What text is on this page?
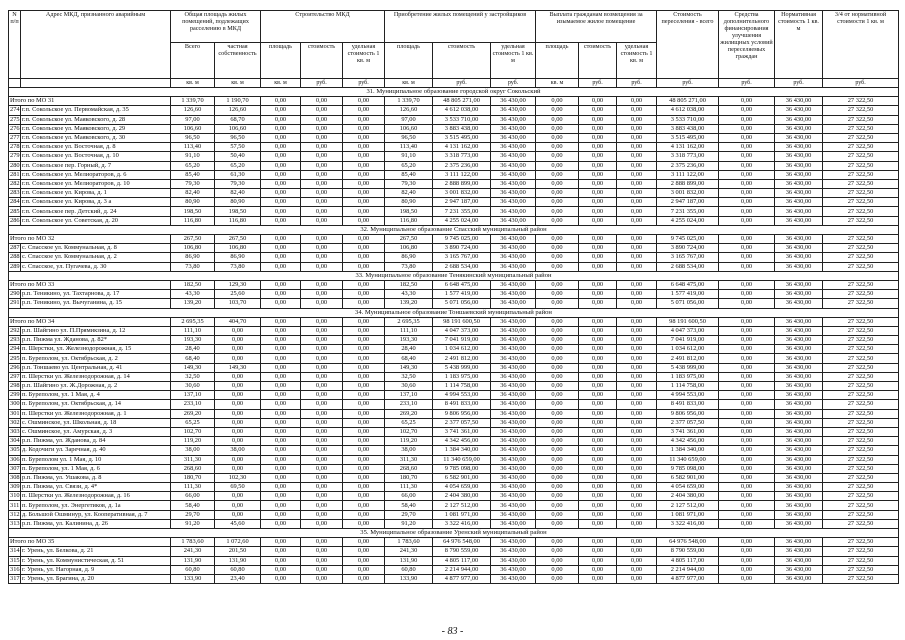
N п/п	Адрес МКД, признанного аварийным	Общая площадь жилых помещений, подлежащих расселению в МКД		Строительство МКД			Приобретение жилых помещений у застройщиков			Выплата гражданам возмещения за изымаемое жилое помещение			Стоимость переселения - всего	Средства дополнительного финансирования улучшения жилищных условий переселяемых граждан	Нормативная стоимость 1 кв. м	3/4 от нормативной стоимости 1 кв. м
		Всего	частная собственность	площадь	стоимость	удельная стоимость 1 кв. м	площадь	стоимость	удельная стоимость 1 кв. м	площадь	стоимость	удельная стоимость 1 кв. м				
		кв. м	кв. м	кв. м	руб.	руб.	кв. м	руб.	руб.	кв. м	руб.	руб.	руб.	руб.	руб.	руб.
31. Муниципальное образование городской округ Сокольский																
Итого по МО 31		1 339,70	1 190,70	0,00	0,00	0,00	1 339,70	48 805 271,00	36 430,00	0,00	0,00	0,00	48 805 271,00	0,00	36 430,00	27 322,50
274	г.п. Сокольское ул. Первомайская, д. 35	126,60	126,60	0,00	0,00	0,00	126,60	4 612 038,00	36 430,00	0,00	0,00	0,00	4 612 038,00	0,00	36 430,00	27 322,50
275	г.п. Сокольское ул. Маяковского, д. 28	97,00	68,70	0,00	0,00	0,00	97,00	3 533 710,00	36 430,00	0,00	0,00	0,00	3 533 710,00	0,00	36 430,00	27 322,50
276	г.п. Сокольское ул. Маяковского, д. 29	106,60	106,60	0,00	0,00	0,00	106,60	3 883 438,00	36 430,00	0,00	0,00	0,00	3 883 438,00	0,00	36 430,00	27 322,50
277	г.п. Сокольское ул. Маяковского, д. 30	96,50	96,50	0,00	0,00	0,00	96,50	3 515 495,00	36 430,00	0,00	0,00	0,00	3 515 495,00	0,00	36 430,00	27 322,50
278	г.п. Сокольское ул. Восточная, д. 8	113,40	57,50	0,00	0,00	0,00	113,40	4 131 162,00	36 430,00	0,00	0,00	0,00	4 131 162,00	0,00	36 430,00	27 322,50
279	г.п. Сокольское ул. Восточная, д. 10	91,10	50,40	0,00	0,00	0,00	91,10	3 318 773,00	36 430,00	0,00	0,00	0,00	3 318 773,00	0,00	36 430,00	27 322,50
280	г.п. Сокольское пер. Горный, д. 7	65,20	65,20	0,00	0,00	0,00	65,20	2 375 236,00	36 430,00	0,00	0,00	0,00	2 375 236,00	0,00	36 430,00	27 322,50
281	г.п. Сокольское ул. Мелиораторов, д. 6	85,40	61,30	0,00	0,00	0,00	85,40	3 111 122,00	36 430,00	0,00	0,00	0,00	3 111 122,00	0,00	36 430,00	27 322,50
282	г.п. Сокольское ул. Мелиораторов, д. 10	79,30	79,30	0,00	0,00	0,00	79,30	2 888 899,00	36 430,00	0,00	0,00	0,00	2 888 899,00	0,00	36 430,00	27 322,50
283	г.п. Сокольское ул. Кирова, д. 1	82,40	82,40	0,00	0,00	0,00	82,40	3 001 832,00	36 430,00	0,00	0,00	0,00	3 001 832,00	0,00	36 430,00	27 322,50
284	г.п. Сокольское ул. Кирова, д. 3 а	80,90	80,90	0,00	0,00	0,00	80,90	2 947 187,00	36 430,00	0,00	0,00	0,00	2 947 187,00	0,00	36 430,00	27 322,50
285	г.п. Сокольское пер. Детский, д. 24	198,50	198,50	0,00	0,00	0,00	198,50	7 231 355,00	36 430,00	0,00	0,00	0,00	7 231 355,00	0,00	36 430,00	27 322,50
286	г.п. Сокольское ул. Советская, д. 20	116,80	116,80	0,00	0,00	0,00	116,80	4 255 024,00	36 430,00	0,00	0,00	0,00	4 255 024,00	0,00	36 430,00	27 322,50
32. Муниципальное образование Спасский муниципальный район																
Итого по МО 32		267,50	267,50	0,00	0,00	0,00	267,50	9 745 025,00	36 430,00	0,00	0,00	0,00	9 745 025,00	0,00	36 430,00	27 322,50
287	с. Спасское ул. Коммунальная, д. 8	106,80	106,80	0,00	0,00	0,00	106,80	3 890 724,00	36 430,00	0,00	0,00	0,00	3 890 724,00	0,00	36 430,00	27 322,50
288	с. Спасское ул. Коммунальная, д. 2	86,90	86,90	0,00	0,00	0,00	86,90	3 165 767,00	36 430,00	0,00	0,00	0,00	3 165 767,00	0,00	36 430,00	27 322,50
289	с. Спасское, ул. Пугачева, д. 30	73,80	73,80	0,00	0,00	0,00	73,80	2 688 534,00	36 430,00	0,00	0,00	0,00	2 688 534,00	0,00	36 430,00	27 322,50
33. Муниципальное образование Тенякинский муниципальный район																
Итого по МО 33		182,50	129,30	0,00	0,00	0,00	182,50	6 648 475,00	36 430,00	0,00	0,00	0,00	6 648 475,00	0,00	36 430,00	27 322,50
290	р.п. Теникино, ул. Тахтарнова, д. 17	43,30	25,60	0,00	0,00	0,00	43,30	1 577 419,00	36 430,00	0,00	0,00	0,00	1 577 419,00	0,00	36 430,00	27 322,50
291	р.п. Теникино, ул. Вычуганина, д. 15	139,20	103,70	0,00	0,00	0,00	139,20	5 071 056,00	36 430,00	0,00	0,00	0,00	5 071 056,00	0,00	36 430,00	27 322,50
34. Муниципальное образование Тоншаевский муниципальный район																
Итого по МО 34		2 695,35	404,70	0,00	0,00	0,00	2 695,35	98 191 600,50	36 430,00	0,00	0,00	0,00	98 191 600,50	0,00	36 430,00	27 322,50
292	р.п. Шайгино ул. П.Прямикзина, д. 12	111,10	0,00	0,00	0,00	0,00	111,10	4 047 373,00	36 430,00	0,00	0,00	0,00	4 047 373,00	0,00	36 430,00	27 322,50
293	р.п. Пижма ул. Жданова, д. 82*	193,30	0,00	0,00	0,00	0,00	193,30	7 041 919,00	36 430,00	0,00	0,00	0,00	7 041 919,00	0,00	36 430,00	27 322,50
294	п. Шерстки, ул. Железнодорожная, д. 15	28,40	0,00	0,00	0,00	0,00	28,40	1 034 612,00	36 430,00	0,00	0,00	0,00	1 034 612,00	0,00	36 430,00	27 322,50
295	п. Буреполом, ул. Октябрьская, д. 2	68,40	0,00	0,00	0,00	0,00	68,40	2 491 812,00	36 430,00	0,00	0,00	0,00	2 491 812,00	0,00	36 430,00	27 322,50
296	р.п. Тоншаево ул. Центральная, д. 41	149,30	149,30	0,00	0,00	0,00	149,30	5 438 999,00	36 430,00	0,00	0,00	0,00	5 438 999,00	0,00	36 430,00	27 322,50
297	п. Шерстки ул. Железнодорожная, д. 14	32,50	0,00	0,00	0,00	0,00	32,50	1 183 975,00	36 430,00	0,00	0,00	0,00	1 183 975,00	0,00	36 430,00	27 322,50
298	р.п. Шайгино ул. Ж.Дорожная, д. 2	30,60	0,00	0,00	0,00	0,00	30,60	1 114 758,00	36 430,00	0,00	0,00	0,00	1 114 758,00	0,00	36 430,00	27 322,50
299	п. Буреполом, ул. 1 Мая, д. 4	137,10	0,00	0,00	0,00	0,00	137,10	4 994 553,00	36 430,00	0,00	0,00	0,00	4 994 553,00	0,00	36 430,00	27 322,50
300	п. Буреполом, ул. Октябрьская, д. 14	233,10	0,00	0,00	0,00	0,00	233,10	8 491 833,00	36 430,00	0,00	0,00	0,00	8 491 833,00	0,00	36 430,00	27 322,50
301	п. Шерстки ул. Железнодорожная, д. 1	269,20	0,00	0,00	0,00	0,00	269,20	9 806 956,00	36 430,00	0,00	0,00	0,00	9 806 956,00	0,00	36 430,00	27 322,50
302	с. Ошминское, ул. Школьная, д. 18	65,25	0,00	0,00	0,00	0,00	65,25	2 377 057,50	36 430,00	0,00	0,00	0,00	2 377 057,50	0,00	36 430,00	27 322,50
303	с. Ошминское, ул. Амурская, д. 3	102,70	0,00	0,00	0,00	0,00	102,70	3 741 361,00	36 430,00	0,00	0,00	0,00	3 741 361,00	0,00	36 430,00	27 322,50
304	р.п. Пижма, ул. Жданова, д. 84	119,20	0,00	0,00	0,00	0,00	119,20	4 342 456,00	36 430,00	0,00	0,00	0,00	4 342 456,00	0,00	36 430,00	27 322,50
305	д. Кодочиги ул. Заречная, д. 40	38,00	38,00	0,00	0,00	0,00	38,00	1 384 340,00	36 430,00	0,00	0,00	0,00	1 384 340,00	0,00	36 430,00	27 322,50
306	п. Буреполом ул. 1 Мая, д. 10	311,30	0,00	0,00	0,00	0,00	311,30	11 340 659,00	36 430,00	0,00	0,00	0,00	11 340 659,00	0,00	36 430,00	27 322,50
307	п. Буреполом, ул. 1 Мая, д. 6	268,60	0,00	0,00	0,00	0,00	268,60	9 785 098,00	36 430,00	0,00	0,00	0,00	9 785 098,00	0,00	36 430,00	27 322,50
308	р.п. Пижма, ул. Ушакова, д. 8	180,70	102,30	0,00	0,00	0,00	180,70	6 582 901,00	36 430,00	0,00	0,00	0,00	6 582 901,00	0,00	36 430,00	27 322,50
309	р.п. Пижма, ул. Связи, д. 4*	111,30	69,50	0,00	0,00	0,00	111,30	4 054 659,00	36 430,00	0,00	0,00	0,00	4 054 659,00	0,00	36 430,00	27 322,50
310	п. Шерстки ул. Железнодорожная, д. 16	66,00	0,00	0,00	0,00	0,00	66,00	2 404 380,00	36 430,00	0,00	0,00	0,00	2 404 380,00	0,00	36 430,00	27 322,50
311	п. Буреполом, ул. Энергетиков, д. 1а	58,40	0,00	0,00	0,00	0,00	58,40	2 127 512,00	36 430,00	0,00	0,00	0,00	2 127 512,00	0,00	36 430,00	27 322,50
312	д. Большой Ошминур, ул. Кооперативная, д. 7	29,70	0,00	0,00	0,00	0,00	29,70	1 081 971,00	36 430,00	0,00	0,00	0,00	1 081 971,00	0,00	36 430,00	27 322,50
313	р.п. Пижма, ул. Калинина, д. 26	91,20	45,60	0,00	0,00	0,00	91,20	3 322 416,00	36 430,00	0,00	0,00	0,00	3 322 416,00	0,00	36 430,00	27 322,50
35. Муниципальное образование Уренский муниципальный район																
Итого по МО 35		1 783,60	1 072,60	0,00	0,00	0,00	1 783,60	64 976 548,00	36 430,00	0,00	0,00	0,00	64 976 548,00	0,00	36 430,00	27 322,50
314	г. Урень, ул. Белкова, д. 21	241,30	201,50	0,00	0,00	0,00	241,30	8 790 559,00	36 430,00	0,00	0,00	0,00	8 790 559,00	0,00	36 430,00	27 322,50
315	г. Урень, ул. Коммунистическая, д. 51	131,90	131,90	0,00	0,00	0,00	131,90	4 805 117,00	36 430,00	0,00	0,00	0,00	4 805 117,00	0,00	36 430,00	27 322,50
316	г. Урень, ул. Нагорная, д. 9	60,80	60,80	0,00	0,00	0,00	60,80	2 214 944,00	36 430,00	0,00	0,00	0,00	2 214 944,00	0,00	36 430,00	27 322,50
317	г. Урень, ул. Брагина, д. 20	133,90	23,40	0,00	0,00	0,00	133,90	4 877 977,00	36 430,00	0,00	0,00	0,00	4 877 977,00	0,00	36 430,00	27 322,50
- 83 -
